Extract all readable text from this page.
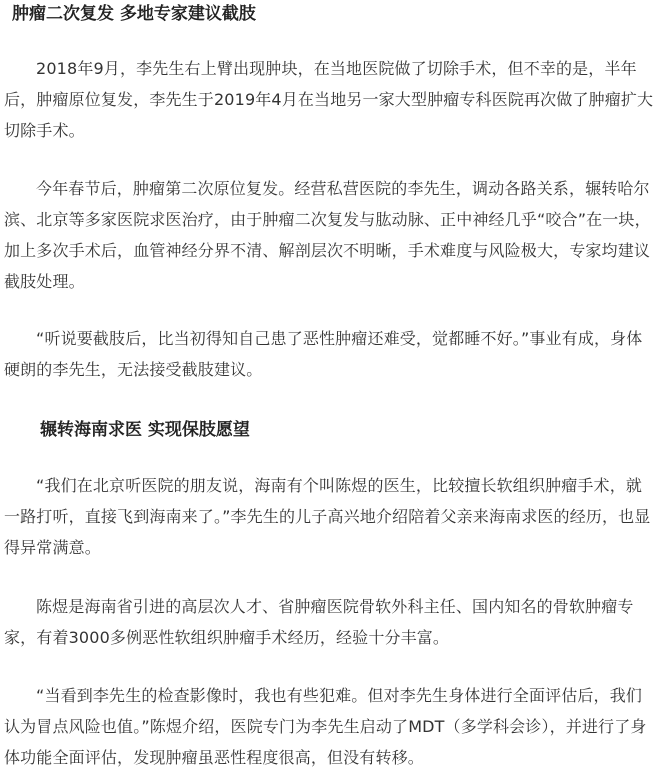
肿瘤二次复发 多地专家建议截肢

2018年9月，李先生右上臂出现肿块，在当地医院做了切除手术，但不幸的是，半年后，肿瘤原位复发，李先生于2019年4月在当地另一家大型肿瘤专科医院再次做了肿瘤扩大切除手术。

今年春节后，肿瘤第二次原位复发。经营私营医院的李先生，调动各路关系，辗转哈尔滨、北京等多家医院求医治疗，由于肿瘤二次复发与肱动脉、正中神经几乎“咬合”在一块，加上多次手术后，血管神经分界不清、解剖层次不明晰，手术难度与风险极大，专家均建议截肢处理。

“听说要截肢后，比当初得知自己患了恶性肿瘤还难受，觉都睡不好。”事业有成，身体硬朗的李先生，无法接受截肢建议。

辗转海南求医 实现保肢愿望

“我们在北京听医院的朋友说，海南有个叫陈煜的医生，比较擅长软组织肿瘤手术，就一路打听，直接飞到海南来了。”李先生的儿子高兴地介绍陪着父亲来海南求医的经历，也显得异常满意。

陈煜是海南省引进的高层次人才、省肿瘤医院骨软外科主任、国内知名的骨软肿瘤专家，有着3000多例恶性软组织肿瘤手术经历，经验十分丰富。

“当看到李先生的检查影像时，我也有些犯难。但对李先生身体进行全面评估后，我们认为冒点风险也值。”陈煜介绍，医院专门为李先生启动了MDT（多学科会诊），并进行了身体功能全面评估，发现肿瘤虽恶性程度很高，但没有转移。
